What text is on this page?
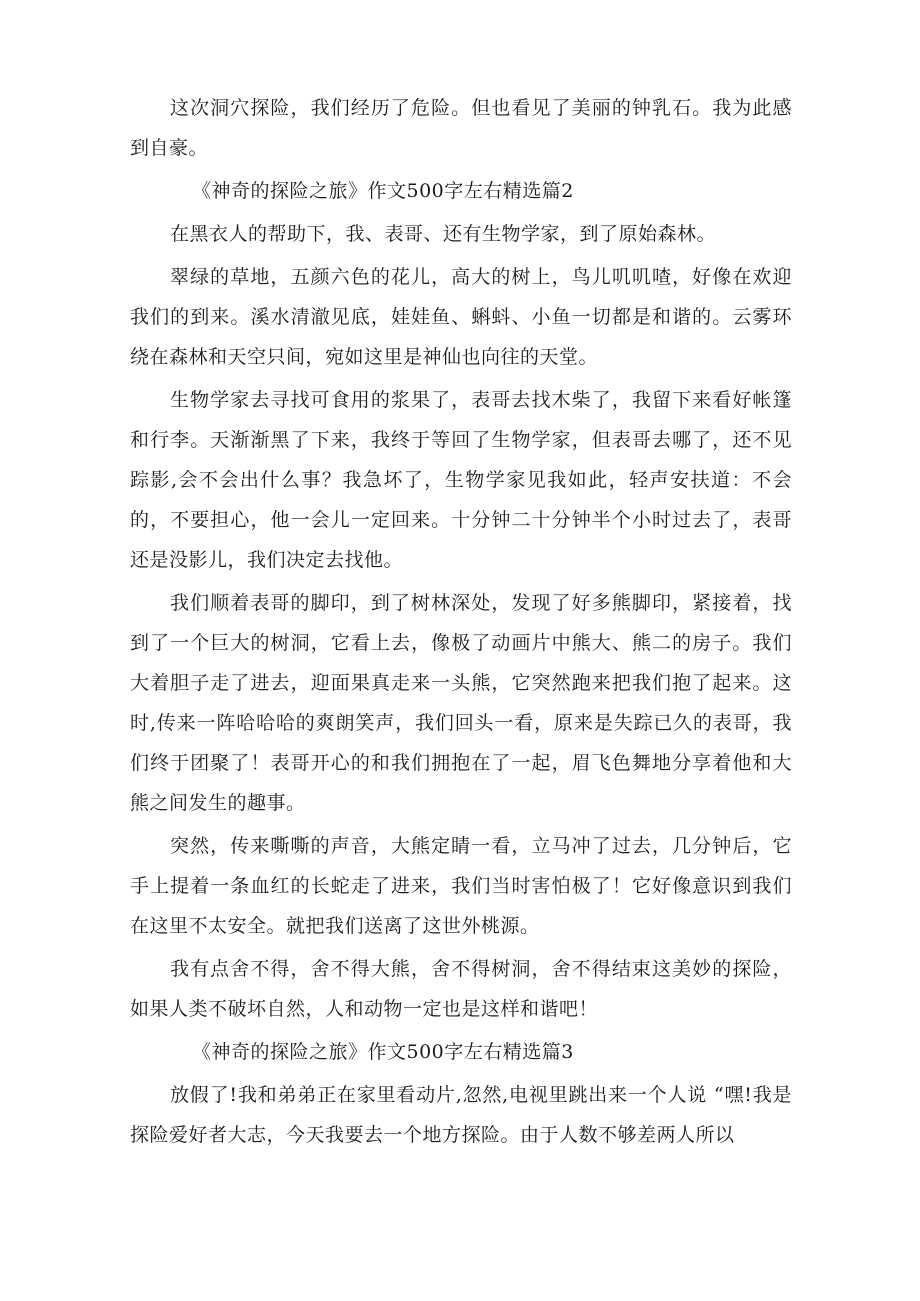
这次洞穴探险，我们经历了危险。但也看见了美丽的钟乳石。我为此感到自豪。

《神奇的探险之旅》作文500字左右精选篇2

在黑衣人的帮助下，我、表哥、还有生物学家，到了原始森林。

翠绿的草地，五颜六色的花儿，高大的树上，鸟儿叽叽喳，好像在欢迎我们的到来。溪水清澈见底，娃娃鱼、蝌蚪、小鱼一切都是和谐的。云雾环绕在森林和天空只间，宛如这里是神仙也向往的天堂。

生物学家去寻找可食用的浆果了，表哥去找木柴了，我留下来看好帐篷和行李。天渐渐黑了下来，我终于等回了生物学家，但表哥去哪了，还不见踪影,会不会出什么事？我急坏了，生物学家见我如此，轻声安扶道：不会的，不要担心，他一会儿一定回来。十分钟二十分钟半个小时过去了，表哥还是没影儿，我们决定去找他。

我们顺着表哥的脚印，到了树林深处，发现了好多熊脚印，紧接着，找到了一个巨大的树洞，它看上去，像极了动画片中熊大、熊二的房子。我们大着胆子走了进去，迎面果真走来一头熊，它突然跑来把我们抱了起来。这时,传来一阵哈哈哈的爽朗笑声，我们回头一看，原来是失踪已久的表哥，我们终于团聚了！表哥开心的和我们拥抱在了一起，眉飞色舞地分享着他和大熊之间发生的趣事。

突然，传来嘶嘶的声音，大熊定睛一看，立马冲了过去，几分钟后，它手上提着一条血红的长蛇走了进来，我们当时害怕极了！它好像意识到我们在这里不太安全。就把我们送离了这世外桃源。

我有点舍不得，舍不得大熊，舍不得树洞，舍不得结束这美妙的探险，如果人类不破坏自然，人和动物一定也是这样和谐吧！

《神奇的探险之旅》作文500字左右精选篇3

放假了!我和弟弟正在家里看动片,忽然,电视里跳出来一个人说 “嘿!我是探险爱好者大志，今天我要去一个地方探险。由于人数不够差两人所以
